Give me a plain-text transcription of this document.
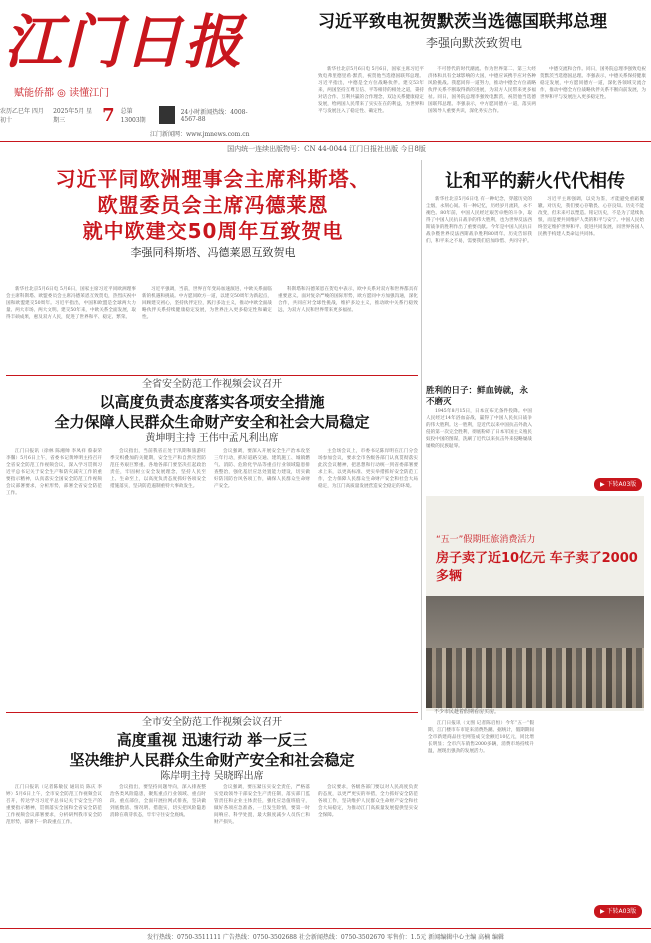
江门日报
赋能侨都 ◎ 读懂江门
农历乙巳年 四月初十
2025年5月 星期三	7 总第 13003期
24小时新闻热线：4008-4567-88
江门新闻网：www.jmnews.com.cn
国内统一连续出版物号：CN 44-0044 江门日报社出版 今日8版
习近平致电祝贺默茨当选德国联邦总理
李强向默茨致贺电

新华社北京5月6日电 5月6日，国家主席习近平致电弗里德里希·默茨，祝贺他当选德国联邦总理。习近平指出，中德是全方位战略伙伴。建交53年来，两国坚持互尊互信、平等相待的相处之道，秉持对话合作、互利共赢的合作理念，双边关系健康稳定发展，给两国人民带来了实实在在的利益，为世界和平与发展注入了稳定性、确定性。

不可替代的时代潮流。作为世界第二、第三大经济体和具有全球影响的大国，中德应该携手应对各种风险挑战。我愿同你一道努力，推动中德全方位战略伙伴关系不断取得新的进展，为双方人民带来更多福祉。同日，国务院总理李强致电默茨，祝贺他当选德国联邦总理。李强表示，中方愿同德方一道，落实两国领导人重要共识，深化务实合作。

中德交流和合作。同日，国务院总理李强致电祝贺默茨当选德国总理。李强表示，中德关系保持健康稳定发展，中方愿同德方一道，深化各领域交流合作，推动中德全方位战略伙伴关系不断向前发展，为世界和平与发展注入更多稳定性。

习近平同欧洲理事会主席科斯塔、
欧盟委员会主席冯德莱恩
就中欧建交50周年互致贺电
李强同科斯塔、冯德莱恩互致贺电

新华社北京5月6日电 5月6日，国家主席习近平同欧洲理事会主席科斯塔、欧盟委员会主席冯德莱恩互致贺电，热烈庆祝中国和欧盟建交50周年。习近平指出，中国和欧盟是全球两大力量、两大市场、两大文明。建交50年来，中欧关系全面发展，取得丰硕成果，惠及双方人民，促进了世界和平、稳定、繁荣。

习近平强调，当前，世界百年变局加速演进，中欧关系面临新的机遇和挑战。中方愿同欧方一道，以建交50周年为新起点，回顾建交初心，坚持伙伴定位，践行多边主义，推动中欧全面战略伙伴关系持续健康稳定发展，为世界注入更多稳定性和确定性。

科斯塔和冯德莱恩在贺电中表示，欧中关系对双方和世界都具有重要意义。面对复杂严峻的国际形势，欧方愿同中方加强沟通，深化合作，共同应对全球性挑战，维护多边主义，推动欧中关系行稳致远，为双方人民和世界带来更多福祉。

让和平的薪火代代相传

新华社北京5月6日电 有一种纪念，穿越历史的尘烟，永刻心间。有一种记忆，历经岁月流转，永不褪色。80年前，中国人民经过艰苦卓绝的斗争，取得了中国人民抗日战争的伟大胜利，也为世界反法西斯战争的胜利作出了重要贡献。今年是中国人民抗日战争暨世界反法西斯战争胜利80周年。历史告诉我们，和平来之不易，需要我们倍加珍惜、共同守护。

习近平主席强调，以史为鉴，才能避免重蹈覆辙。对历史，我们要心存敬畏、心存良知。历史不能改变，但未来可以塑造。铭记历史，不是为了延续仇恨，而是要共同维护人类的和平与安宁。中国人民始终坚定维护世界和平、促进共同发展，同世界各国人民携手构建人类命运共同体。

胜利的日子：鲜血铸就，永不磨灭

1945年8月15日，日本宣布无条件投降。中国人民经过14年浴血奋战，赢得了中国人民抗日战争的伟大胜利。这一胜利，是近代以来中国抗击外敌入侵的第一次完全胜利，彻底粉碎了日本军国主义殖民奴役中国的图谋，洗刷了近代以来抗击外来侵略屡战屡败的民族耻辱。

▶ 下转A03版
全省安全防范工作视频会议召开
以高度负责态度落实各项安全措施
全力保障人民群众生命财产安全和社会大局稳定
黄坤明主持 王伟中孟凡利出席

江门日报讯（徐林 陈湘帅 李凤祥 蔡泰荣 李馨）5月6日上午，省委书记黄坤明主持召开全省安全防范工作视频会议，深入学习贯彻习近平总书记关于安全生产和防灾减灾工作的重要指示精神，认真落实全国安全防范工作视频会议部署要求，分析形势，部署全省安全防范工作。

会议指出，当前我省正处于汛期和旅游旺季交织叠加的关键期，安全生产和自然灾害防范任务艰巨繁重。各地各部门要坚决扛起政治责任，牢固树立安全发展理念，坚持人民至上、生命至上，以高度负责态度抓好各项安全措施落实，坚决防范遏制重特大事故发生。

会议强调，要深入开展安全生产治本攻坚三年行动，抓好道路交通、建筑施工、城镇燃气、消防、危险化学品等重点行业领域隐患排查整治，强化基层应急处置能力建设，切实做好防汛防台风各项工作，确保人民群众生命财产安全。

主会场会议上，市委书记陈岸明在江门分会场参加会议，要求全市各级各部门认真贯彻落实此次会议精神，把思想和行动统一到省委部署要求上来，以更高标准、更实举措抓好安全防范工作，全力保障人民群众生命财产安全和社会大局稳定，为江门高质量发展营造安全稳定的环境。

“五一”假期旺旅消费活力
房子卖了近10亿元 车子卖了2000多辆
不少市民趁着假期看房买房。

江门日报讯（文图 记者陈启恒）今年“五一”假期，江门楼市车市迎来消费热潮。据统计，假期期间全市新建商品住宅网签成交金额近10亿元，同比增长明显；全市汽车销售2000多辆，消费市场持续升温，展现出强劲的发展活力。

▶ 下转A03版
全市安全防范工作视频会议召开
高度重视 迅速行动 举一反三
坚决维护人民群众生命财产安全和社会稳定
陈岸明主持 吴晓晖出席

江门日报讯（记者陈敏仪 通讯员 陈庆 李婷）5月6日上午，全市安全防范工作视频会议召开，传达学习习近平总书记关于安全生产的重要指示精神，贯彻落实全国和全省安全防范工作视频会议部署要求，分析研判我市安全防范形势，部署下一阶段重点工作。

会议指出，要坚持问题导向，深入排查整治各类风险隐患，聚焦重点行业领域、重点时段、重点部位，全面开展拉网式排查，坚决做到底数清、情况明、措施实，切实把风险隐患消除在萌芽状态，牢牢守住安全底线。

会议强调，要压紧压实安全责任，严格落实党政领导干部安全生产责任制，落实部门监管责任和企业主体责任，强化应急值班值守，做好各项应急准备，一旦发生险情，要第一时间响应、科学处置，最大限度减少人员伤亡和财产损失。

会议要求，各级各部门要以对人民高度负责的态度，以更严更实的举措，全力抓好安全防范各项工作，坚决维护人民群众生命财产安全和社会大局稳定，为推动江门高质量发展提供坚实安全保障。

发行热线：0750-3511111 广告热线：0750-3502688 社会新闻热线：0750-3502670 零售价：1.5元 新闻编辑中心主编 高楠 编辑
